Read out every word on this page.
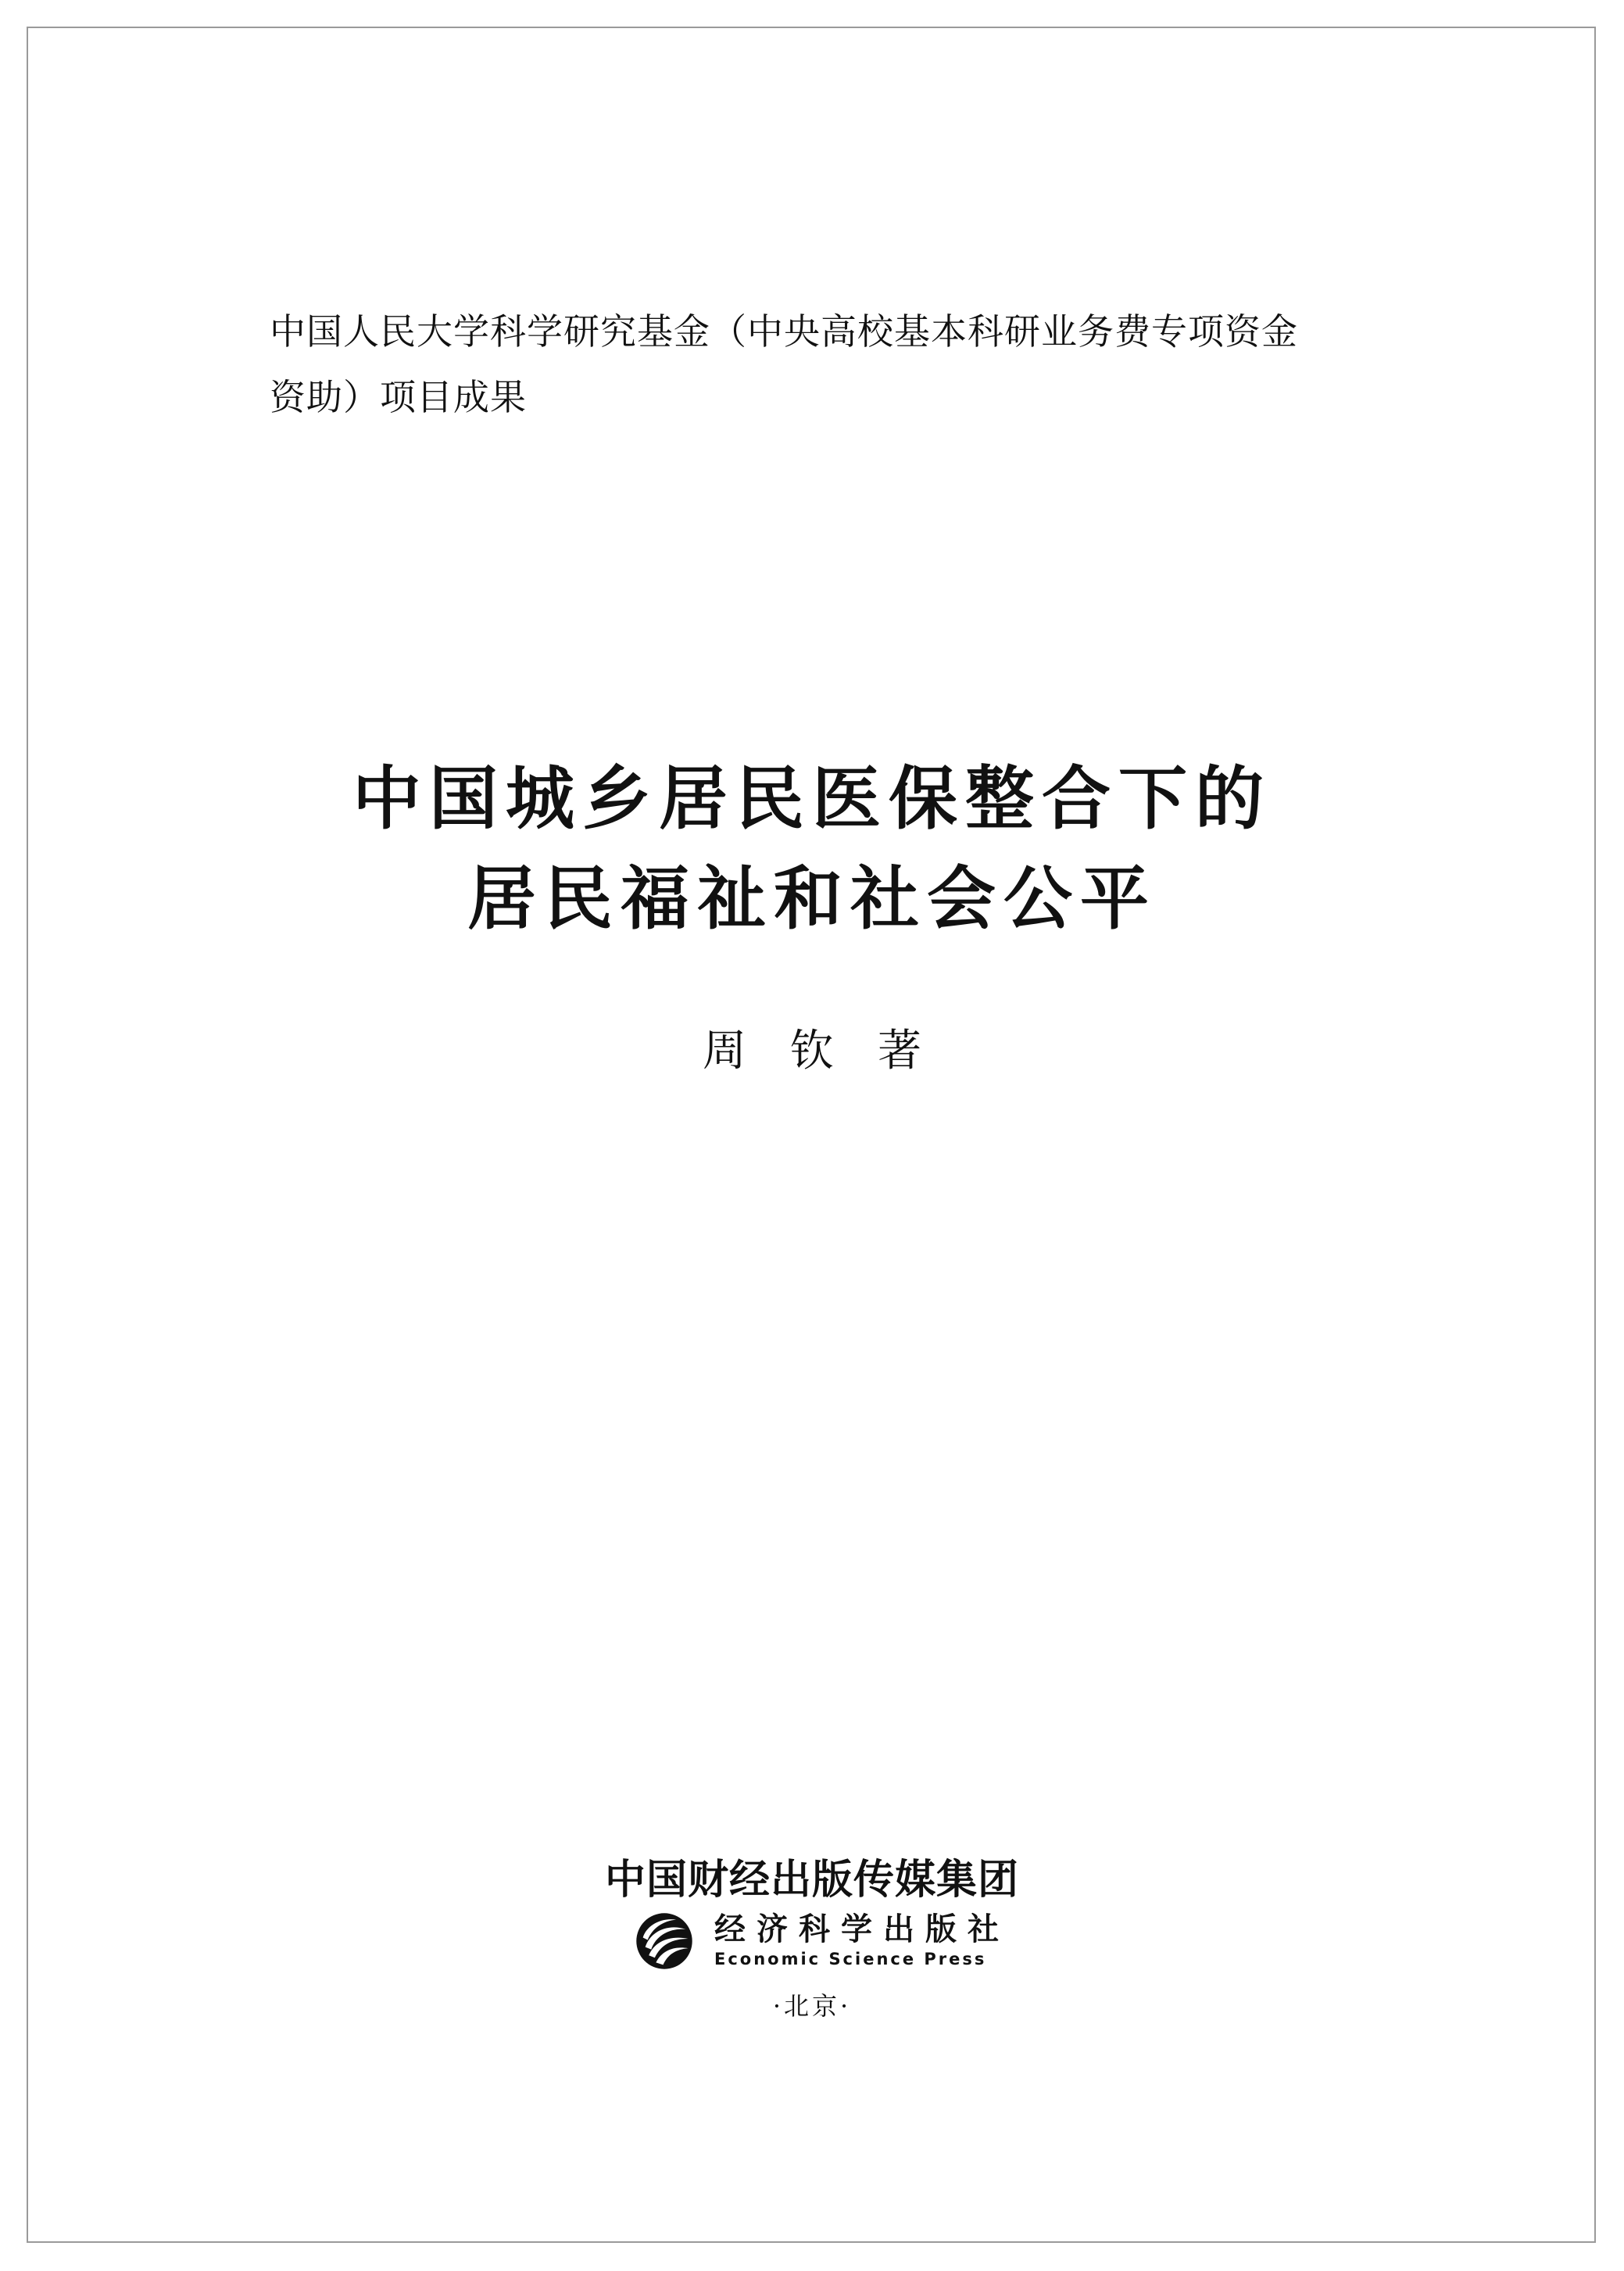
中国人民大学科学研究基金（中央高校基本科研业务费专项资金
资助）项目成果
中国城乡居民医保整合下的
居民福祉和社会公平
周　钦　著
中国财经出版传媒集团
经济科学出版社
Economic Science Press
·北京·
